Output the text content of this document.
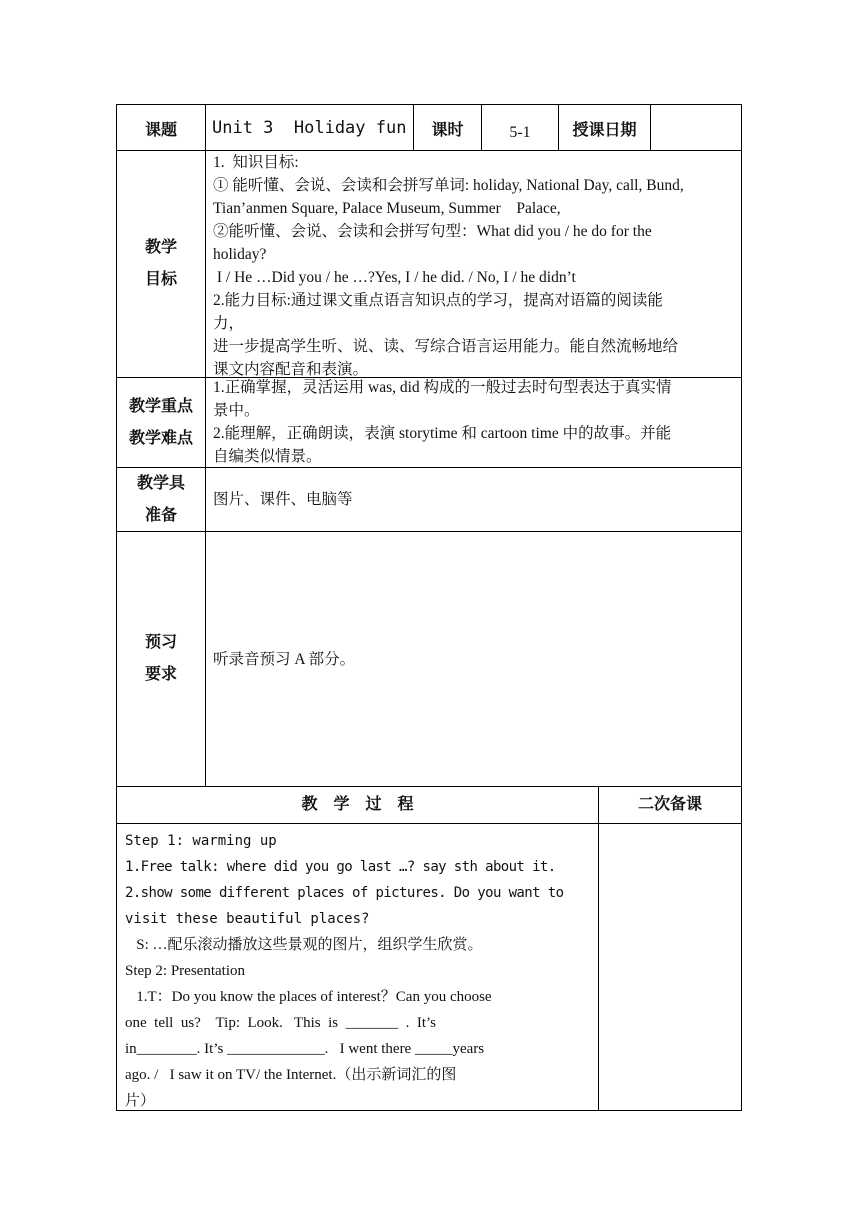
课题 Unit 3  Holiday fun	课时	5-1	授课日期
教学
目标

1.  知识目标:

① 能听懂、会说、会读和会拼写单词: holiday, National Day, call, Bund,

Tian’anmen Square, Palace Museum, Summer    Palace,

②能听懂、会说、会读和会拼写句型：What did you / he do for the

holiday?

I / He …Did you / he …?Yes, I / he did. / No, I / he didn’t

2.能力目标:通过课文重点语言知识点的学习，提高对语篇的阅读能

力，

进一步提高学生听、说、读、写综合语言运用能力。能自然流畅地给

课文内容配音和表演。

教学重点
教学难点

1.正确掌握，灵活运用 was, did 构成的一般过去时句型表达于真实情

景中。

2.能理解，正确朗读，表演 storytime 和 cartoon time 中的故事。并能

自编类似情景。

教学具
准备
图片、课件、电脑等
预习
要求
听录音预习 A 部分。
教    学    过    程	二次备课

Step 1: warming up

1.Free talk: where did you go last …? say sth about it.

2.show some different places of pictures. Do you want to

visit these beautiful places?

S: …配乐滚动播放这些景观的图片，组织学生欣赏。

Step 2: Presentation

1.T：Do you know the places of interest？Can you choose

one  tell  us?    Tip:  Look.   This  is  _______  .  It’s

in________. It’s _____________.   I went there _____years

ago. /   I saw it on TV/ the Internet.（出示新词汇的图

片）
